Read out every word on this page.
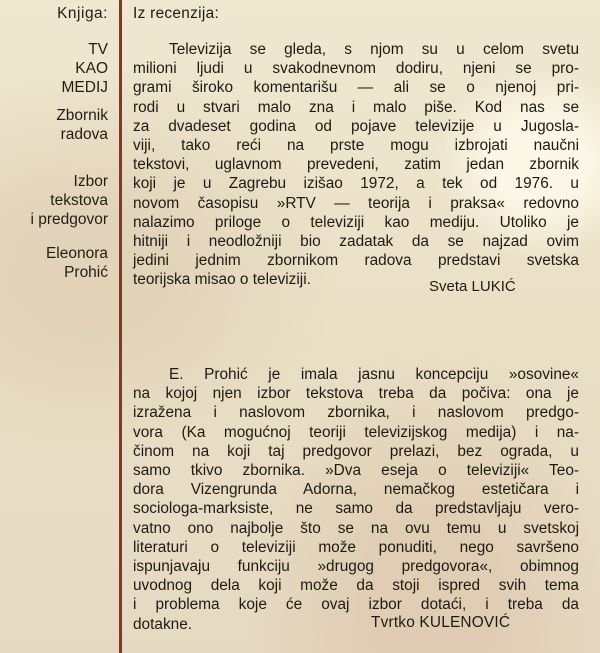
Knjiga:
TV
KAO
MEDIJ
Zbornik
radova
Izbor
tekstova
i predgovor
Eleonora
Prohić
Iz recenzija:
Televizija se gleda, s njom su u celom svetu
milioni ljudi u svakodnevnom dodiru, njeni se pro-
grami široko komentarišu — ali se o njenoj pri-
rodi u stvari malo zna i malo piše. Kod nas se
za dvadeset godina od pojave televizije u Jugosla-
viji, tako reći na prste mogu izbrojati naučni
tekstovi, uglavnom prevedeni, zatim jedan zbornik
koji je u Zagrebu izišao 1972, a tek od 1976. u
novom časopisu »RTV — teorija i praksa« redovno
nalazimo priloge o televiziji kao mediju. Utoliko je
hitniji i neodložniji bio zadatak da se najzad ovim
jedini jednim zbornikom radova predstavi svetska
teorijska misao o televiziji.	Sveta LUKIĆ
E. Prohić je imala jasnu koncepciju »osovine«
na kojoj njen izbor tekstova treba da počiva: ona je
izražena i naslovom zbornika, i naslovom predgo-
vora (Ka mogućnoj teoriji televizijskog medija) i na-
činom na koji taj predgovor prelazi, bez ograda, u
samo tkivo zbornika. »Dva eseja o televiziji« Teo-
dora Vizengrunda Adorna, nemačkog estetičara i
sociologa-marksiste, ne samo da predstavljaju vero-
vatno ono najbolje što se na ovu temu u svetskoj
literaturi o televiziji može ponuditi, nego savršeno
ispunjavaju funkciju »drugog predgovora«, obimnog
uvodnog dela koji može da stoji ispred svih tema
i problema koje će ovaj izbor dotaći, i treba da
dotakne.	Tvrtko KULENOVIĆ
